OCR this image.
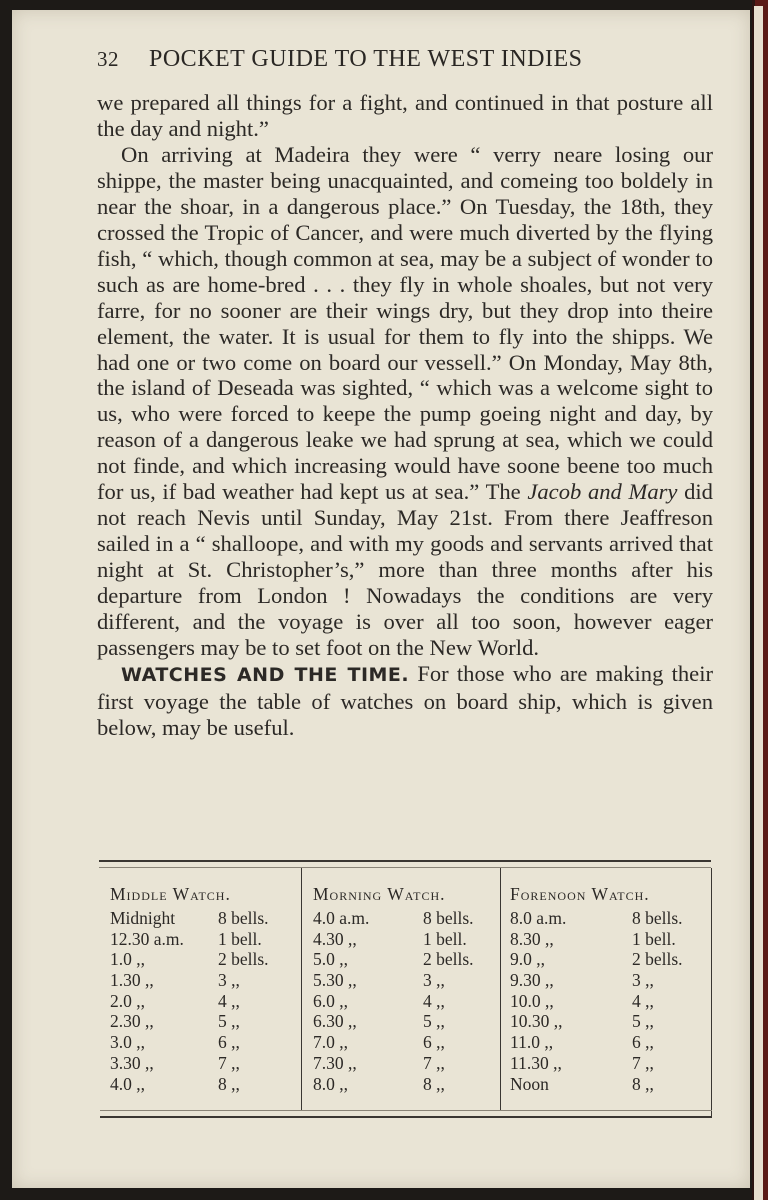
32 POCKET GUIDE TO THE WEST INDIES

we prepared all things for a fight, and continued in that posture all the day and night.”

On arriving at Madeira they were “ verry neare losing our shippe, the master being unacquainted, and comeing too boldely in near the shoar, in a dangerous place.” On Tuesday, the 18th, they crossed the Tropic of Cancer, and were much diverted by the flying fish, “ which, though common at sea, may be a subject of wonder to such as are home-bred . . . they fly in whole shoales, but not very farre, for no sooner are their wings dry, but they drop into theire element, the water. It is usual for them to fly into the shipps. We had one or two come on board our vessell.” On Monday, May 8th, the island of Deseada was sighted, “ which was a welcome sight to us, who were forced to keepe the pump goeing night and day, by reason of a dangerous leake we had sprung at sea, which we could not finde, and which increasing would have soone beene too much for us, if bad weather had kept us at sea.” The Jacob and Mary did not reach Nevis until Sunday, May 21st. From there Jeaffreson sailed in a “ shalloope, and with my goods and servants arrived that night at St. Christopher’s,” more than three months after his departure from London ! Nowadays the conditions are very different, and the voyage is over all too soon, however eager passengers may be to set foot on the New World.

WATCHES AND THE TIME. For those who are making their first voyage the table of watches on board ship, which is given below, may be useful.

Middle Watch.
Midnight	8 bells.
12.30 a.m.	1 bell.
1.0 ,,	2 bells.
1.30 ,,	3 ,,
2.0 ,,	4 ,,
2.30 ,,	5 ,,
3.0 ,,	6 ,,
3.30 ,,	7 ,,
4.0 ,,	8 ,,
Morning Watch.
4.0 a.m.	8 bells.
4.30 ,,	1 bell.
5.0 ,,	2 bells.
5.30 ,,	3 ,,
6.0 ,,	4 ,,
6.30 ,,	5 ,,
7.0 ,,	6 ,,
7.30 ,,	7 ,,
8.0 ,,	8 ,,
Forenoon Watch.
8.0 a.m.	8 bells.
8.30 ,,	1 bell.
9.0 ,,	2 bells.
9.30 ,,	3 ,,
10.0 ,,	4 ,,
10.30 ,,	5 ,,
11.0 ,,	6 ,,
11.30 ,,	7 ,,
Noon	8 ,,
